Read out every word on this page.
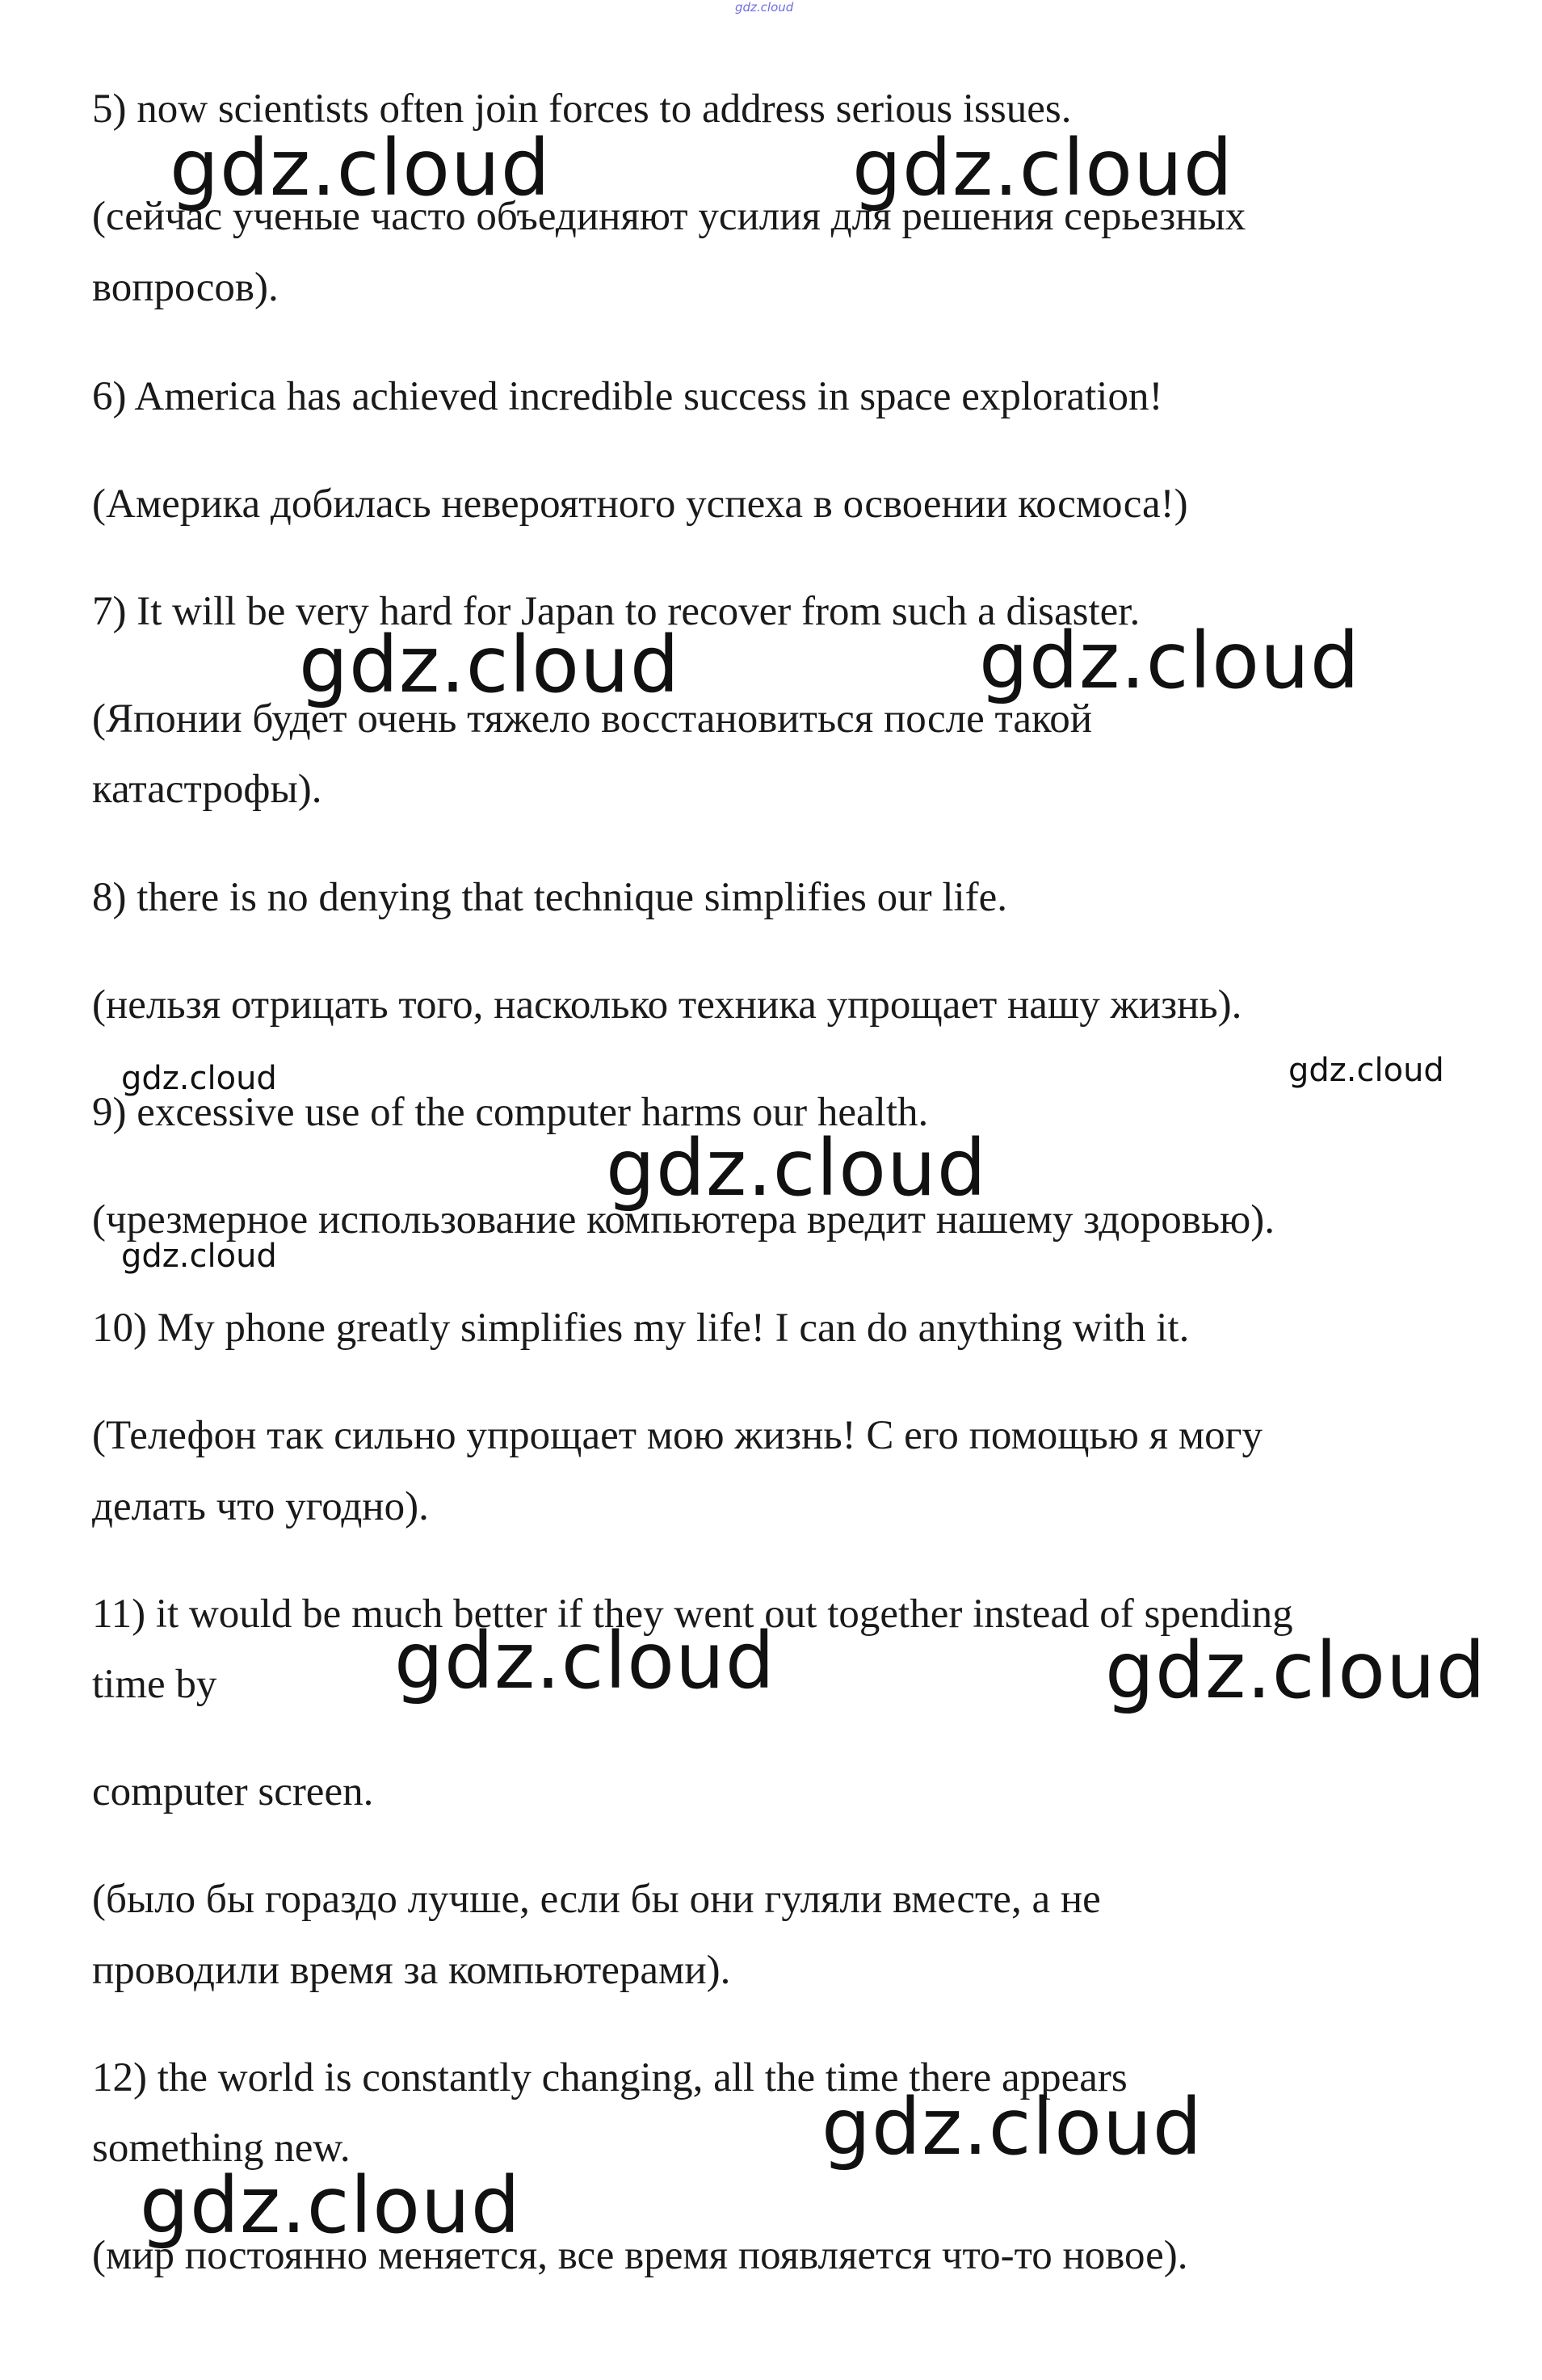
gdz.cloud

5) now scientists often join forces to address serious issues.

(сейчас ученые часто объединяют усилия для решения серьезных

вопросов).

6) America has achieved incredible success in space exploration!

(Америка добилась невероятного успеха в освоении космоса!)

7) It will be very hard for Japan to recover from such a disaster.

(Японии будет очень тяжело восстановиться после такой

катастрофы).

8) there is no denying that technique simplifies our life.

(нельзя отрицать того, насколько техника упрощает нашу жизнь).

9) excessive use of the computer harms our health.

(чрезмерное использование компьютера вредит нашему здоровью).

10) My phone greatly simplifies my life! I can do anything with it.

(Телефон так сильно упрощает мою жизнь! С его помощью я могу

делать что угодно).

11) it would be much better if they went out together instead of spending

time by

computer screen.

(было бы гораздо лучше, если бы они гуляли вместе, а не

проводили время за компьютерами).

12) the world is constantly changing, all the time there appears

something new.

(мир постоянно меняется, все время появляется что-то новое).

gdz.cloud	gdz.cloud
gdz.cloud	gdz.cloud
gdz.cloud	gdz.cloud
gdz.cloud
gdz.cloud
gdz.cloud	gdz.cloud
gdz.cloud
gdz.cloud
